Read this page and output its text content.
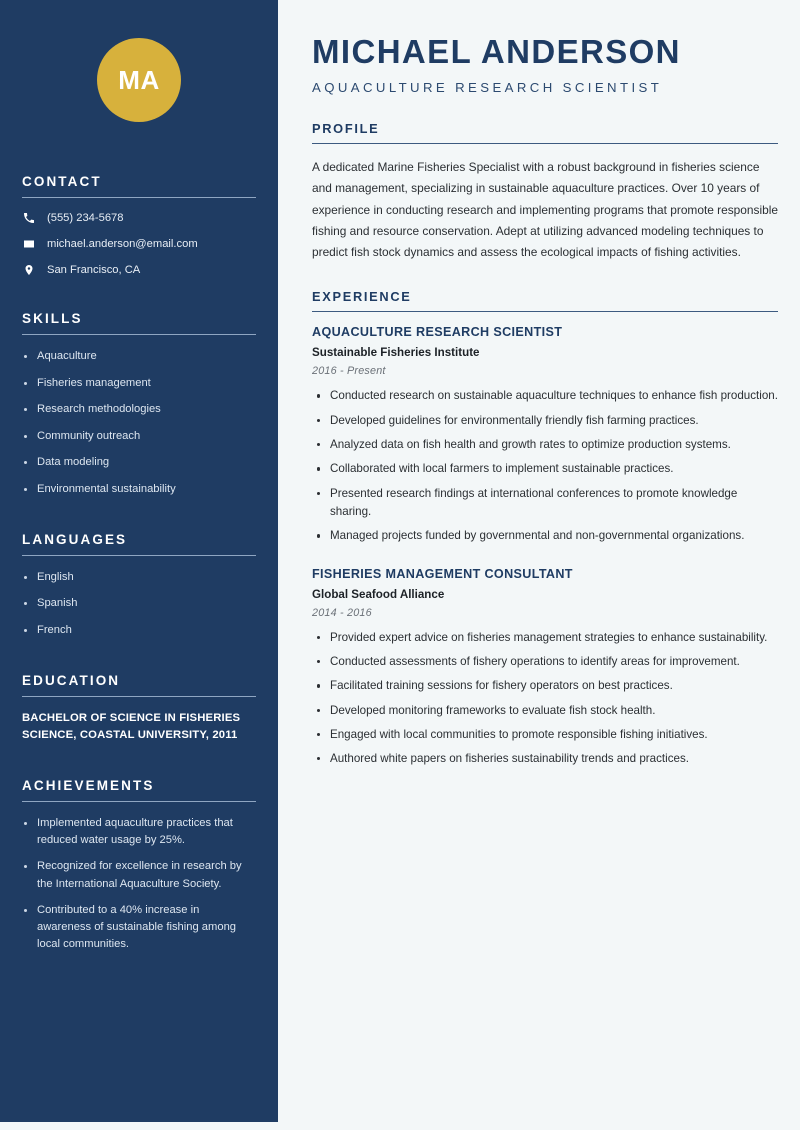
MA
CONTACT
(555) 234-5678
michael.anderson@email.com
San Francisco, CA
SKILLS
Aquaculture
Fisheries management
Research methodologies
Community outreach
Data modeling
Environmental sustainability
LANGUAGES
English
Spanish
French
EDUCATION
BACHELOR OF SCIENCE IN FISHERIES SCIENCE, COASTAL UNIVERSITY, 2011
ACHIEVEMENTS
Implemented aquaculture practices that reduced water usage by 25%.
Recognized for excellence in research by the International Aquaculture Society.
Contributed to a 40% increase in awareness of sustainable fishing among local communities.
MICHAEL ANDERSON
AQUACULTURE RESEARCH SCIENTIST
PROFILE

A dedicated Marine Fisheries Specialist with a robust background in fisheries science and management, specializing in sustainable aquaculture practices. Over 10 years of experience in conducting research and implementing programs that promote responsible fishing and resource conservation. Adept at utilizing advanced modeling techniques to predict fish stock dynamics and assess the ecological impacts of fishing activities.

EXPERIENCE
AQUACULTURE RESEARCH SCIENTIST
Sustainable Fisheries Institute
2016 - Present
Conducted research on sustainable aquaculture techniques to enhance fish production.
Developed guidelines for environmentally friendly fish farming practices.
Analyzed data on fish health and growth rates to optimize production systems.
Collaborated with local farmers to implement sustainable practices.
Presented research findings at international conferences to promote knowledge sharing.
Managed projects funded by governmental and non-governmental organizations.
FISHERIES MANAGEMENT CONSULTANT
Global Seafood Alliance
2014 - 2016
Provided expert advice on fisheries management strategies to enhance sustainability.
Conducted assessments of fishery operations to identify areas for improvement.
Facilitated training sessions for fishery operators on best practices.
Developed monitoring frameworks to evaluate fish stock health.
Engaged with local communities to promote responsible fishing initiatives.
Authored white papers on fisheries sustainability trends and practices.
